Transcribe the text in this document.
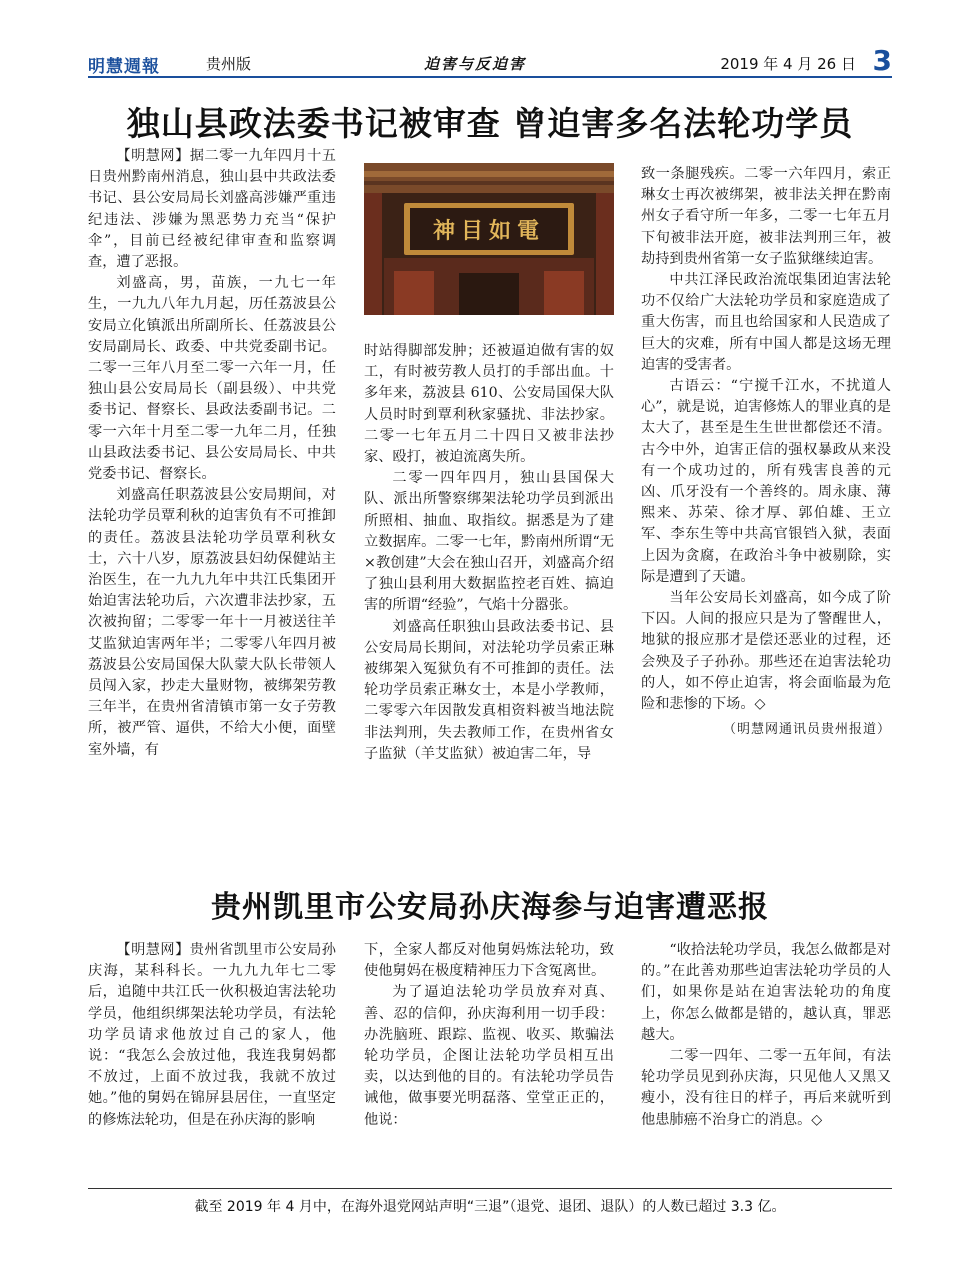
明慧週報	贵州版	迫害与反迫害	2019 年 4 月 26 日 3
独山县政法委书记被审查 曾迫害多名法轮功学员

【明慧网】据二零一九年四月十五日贵州黔南州消息，独山县中共政法委书记、县公安局局长刘盛高涉嫌严重违纪违法、涉嫌为黑恶势力充当“保护伞”，目前已经被纪律审查和监察调查，遭了恶报。

刘盛高，男，苗族，一九七一年生，一九九八年九月起，历任荔波县公安局立化镇派出所副所长、任荔波县公安局副局长、政委、中共党委副书记。二零一三年八月至二零一六年一月，任独山县公安局局长（副县级）、中共党委书记、督察长、县政法委副书记。二零一六年十月至二零一九年二月，任独山县政法委书记、县公安局局长、中共党委书记、督察长。

刘盛高任职荔波县公安局期间，对法轮功学员覃利秋的迫害负有不可推卸的责任。荔波县法轮功学员覃利秋女士，六十八岁，原荔波县妇幼保健站主治医生，在一九九九年中共江氏集团开始迫害法轮功后，六次遭非法抄家，五次被拘留；二零零一年十一月被送往羊艾监狱迫害两年半；二零零八年四月被荔波县公安局国保大队蒙大队长带领人员闯入家，抄走大量财物，被绑架劳教三年半，在贵州省清镇市第一女子劳教所，被严管、逼供，不给大小便，面壁室外墙，有

神目如電

时站得脚部发肿；还被逼迫做有害的奴工，有时被劳教人员打的手部出血。十多年来，荔波县 610、公安局国保大队人员时时到覃利秋家骚扰、非法抄家。二零一七年五月二十四日又被非法抄家、殴打，被迫流离失所。

二零一四年四月，独山县国保大队、派出所警察绑架法轮功学员到派出所照相、抽血、取指纹。据悉是为了建立数据库。二零一七年，黔南州所谓“无×教创建”大会在独山召开，刘盛高介绍了独山县利用大数据监控老百姓、搞迫害的所谓“经验”，气焰十分嚣张。

刘盛高任职独山县政法委书记、县公安局局长期间，对法轮功学员索正琳被绑架入冤狱负有不可推卸的责任。法轮功学员索正琳女士，本是小学教师，二零零六年因散发真相资料被当地法院非法判刑，失去教师工作，在贵州省女子监狱（羊艾监狱）被迫害二年，导

致一条腿残疾。二零一六年四月，索正琳女士再次被绑架，被非法关押在黔南州女子看守所一年多，二零一七年五月下旬被非法开庭，被非法判刑三年，被劫持到贵州省第一女子监狱继续迫害。

中共江泽民政治流氓集团迫害法轮功不仅给广大法轮功学员和家庭造成了重大伤害，而且也给国家和人民造成了巨大的灾难，所有中国人都是这场无理迫害的受害者。

古语云：“宁搅千江水，不扰道人心”，就是说，迫害修炼人的罪业真的是太大了，甚至是生生世世都偿还不清。古今中外，迫害正信的强权暴政从来没有一个成功过的，所有残害良善的元凶、爪牙没有一个善终的。周永康、薄熙来、苏荣、徐才厚、郭伯雄、王立军、李东生等中共高官银铛入狱，表面上因为贪腐，在政治斗争中被剔除，实际是遭到了天谴。

当年公安局长刘盛高，如今成了阶下囚。人间的报应只是为了警醒世人，地狱的报应那才是偿还恶业的过程，还会殃及子子孙孙。那些还在迫害法轮功的人，如不停止迫害，将会面临最为危险和悲惨的下场。◇

（明慧网通讯员贵州报道）
贵州凯里市公安局孙庆海参与迫害遭恶报

【明慧网】贵州省凯里市公安局孙庆海，某科科长。一九九九年七二零后，追随中共江氏一伙积极迫害法轮功学员，他组织绑架法轮功学员，有法轮功学员请求他放过自己的家人，他说：“我怎么会放过他，我连我舅妈都不放过，上面不放过我，我就不放过她。”他的舅妈在锦屏县居住，一直坚定的修炼法轮功，但是在孙庆海的影响

下，全家人都反对他舅妈炼法轮功，致使他舅妈在极度精神压力下含冤离世。

为了逼迫法轮功学员放弃对真、善、忍的信仰，孙庆海利用一切手段：办洗脑班、跟踪、监视、收买、欺骗法轮功学员，企图让法轮功学员相互出卖，以达到他的目的。有法轮功学员告诫他，做事要光明磊落、堂堂正正的，他说：

“收拾法轮功学员，我怎么做都是对的。”在此善劝那些迫害法轮功学员的人们，如果你是站在迫害法轮功的角度上，你怎么做都是错的，越认真，罪恶越大。

二零一四年、二零一五年间，有法轮功学员见到孙庆海，只见他人又黑又瘦小，没有往日的样子，再后来就听到他患肺癌不治身亡的消息。◇

截至 2019 年 4 月中，在海外退党网站声明“三退”（退党、退团、退队）的人数已超过 3.3 亿。
